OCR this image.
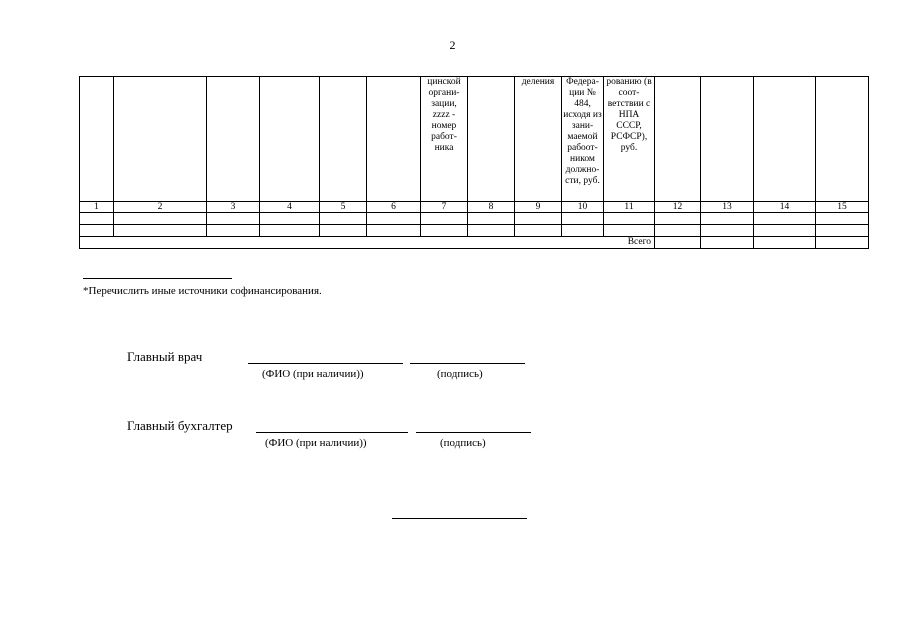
2
						цинской органи- зации, zzzz - номер работ- ника		деления	Федера- ции № 484, исходя из зани- маемой рабоот- ником должно- сти, руб.	рованию (в соот- ветствии с НПА СССР, РСФСР), руб.				
1	2	3	4	5	6	7	8	9	10	11	12	13	14	15

Всего														
*Перечислить иные источники софинансирования.
Главный врач
(ФИО (при наличии))	(подпись)
Главный бухгалтер
(ФИО (при наличии))	(подпись)
